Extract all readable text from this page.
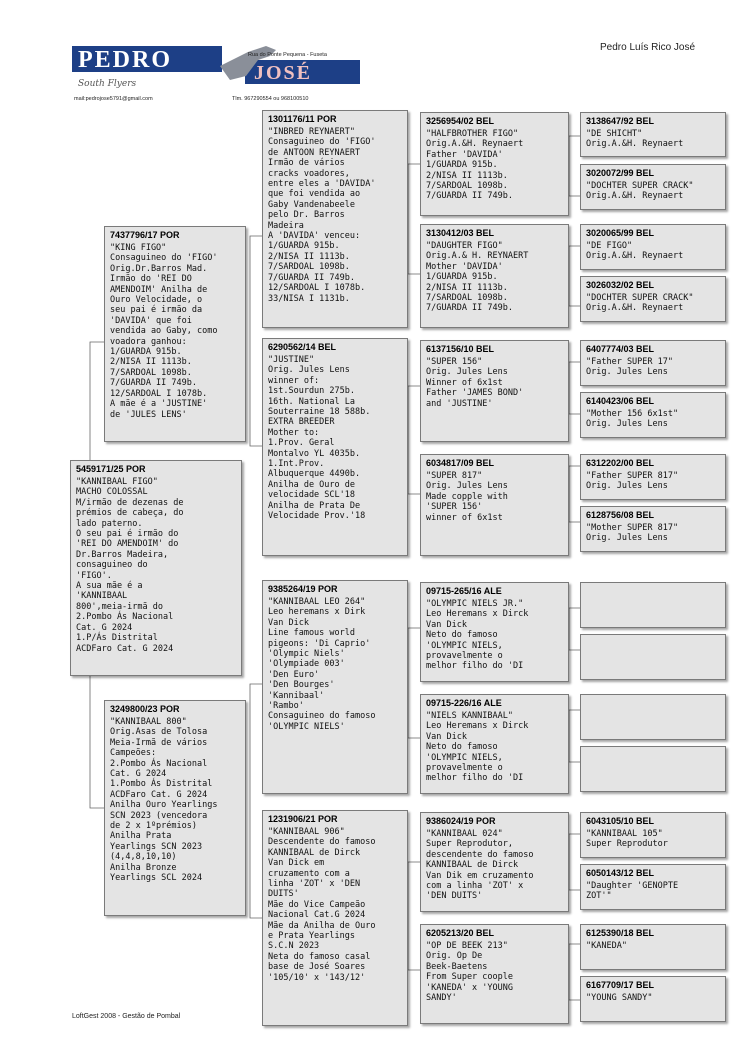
PEDRO	JOSÉ
Rua do Ponte Pequena - Fuseta
South Flyers
mail:pedrojose5791@gmail.com	Tlm. 967290554 ou 968100510
Pedro Luís Rico José
5459171/25 POR
"KANNIBAAL FIGO"
MACHO COLOSSAL
M/irmão de dezenas de
prémios de cabeça, do
lado paterno.
O seu pai é irmão do
'REI DO AMENDOIM' do
Dr.Barros Madeira,
consaguineo do
'FIGO'.
A sua mãe é a
'KANNIBAAL
800',meia-irmã do
2.Pombo Ás Nacional
Cat. G 2024
1.P/Ás Distrital
ACDFaro Cat. G 2024
7437796/17 POR
"KING FIGO"
Consaguineo do 'FIGO'
Orig.Dr.Barros Mad.
Irmão do 'REI DO
AMENDOIM' Anilha de
Ouro Velocidade, o
seu pai é irmão da
'DAVIDA' que foi
vendida ao Gaby, como
voadora ganhou:
1/GUARDA 915b.
2/NISA II 1113b.
7/SARDOAL 1098b.
7/GUARDA II 749b.
12/SARDOAL I 1078b.
A mãe é a 'JUSTINE'
de 'JULES LENS'
3249800/23 POR
"KANNIBAAL 800"
Orig.Asas de Tolosa
Meia-Irmã de vários
Campeões:
2.Pombo Ás Nacional
Cat. G 2024
1.Pombo Ás Distrital
ACDFaro Cat. G 2024
Anilha Ouro Yearlings
SCN 2023 (vencedora
de 2 x 1ºprémios)
Anilha Prata
Yearlings SCN 2023
(4,4,8,10,10)
Anilha Bronze
Yearlings SCL 2024
1301176/11 POR
"INBRED REYNAERT"
Consaguineo do 'FIGO'
de ANTOON REYNAERT
Irmão de vários
cracks voadores,
entre eles a 'DAVIDA'
que foi vendida ao
Gaby Vandenabeele
pelo Dr. Barros
Madeira
A 'DAVIDA' venceu:
1/GUARDA 915b.
2/NISA II 1113b.
7/SARDOAL 1098b.
7/GUARDA II 749b.
12/SARDOAL I 1078b.
33/NISA I 1131b.
6290562/14 BEL
"JUSTINE"
Orig. Jules Lens
winner of:
1st.Sourdun 275b.
16th. National La
Souterraine 18 588b.
EXTRA BREEDER
Mother to:
1.Prov. Geral
Montalvo YL 4035b.
1.Int.Prov.
Albuquerque 4490b.
Anilha de Ouro de
velocidade SCL'18
Anilha de Prata De
Velocidade Prov.'18
9385264/19 POR
"KANNIBAAL LEO 264"
Leo heremans x Dirk
Van Dick
Line famous world
pigeons: 'Di Caprio'
'Olympic Niels'
'Olympiade 003'
'Den Euro'
'Den Bourges'
'Kannibaal'
'Rambo'
Consaguineo do famoso
'OLYMPIC NIELS'
1231906/21 POR
"KANNIBAAL 906"
Descendente do famoso
KANNIBAAL de Dirck
Van Dick em
cruzamento com a
linha 'ZOT' x 'DEN
DUITS'
Mãe do Vice Campeão
Nacional Cat.G 2024
Mãe da Anilha de Ouro
e Prata Yearlings
S.C.N 2023
Neta do famoso casal
base de José Soares
'105/10' x '143/12'
3256954/02 BEL
"HALFBROTHER FIGO"
Orig.A.&H. Reynaert
Father 'DAVIDA'
1/GUARDA 915b.
2/NISA II 1113b.
7/SARDOAL 1098b.
7/GUARDA II 749b.
3130412/03 BEL
"DAUGHTER FIGO"
Orig.A.& H. REYNAERT
Mother 'DAVIDA'
1/GUARDA 915b.
2/NISA II 1113b.
7/SARDOAL 1098b.
7/GUARDA II 749b.
6137156/10 BEL
"SUPER 156"
Orig. Jules Lens
Winner of 6x1st
Father 'JAMES BOND'
and 'JUSTINE'
6034817/09 BEL
"SUPER 817"
Orig. Jules Lens
Made copple with
'SUPER 156'
winner of 6x1st
09715-265/16 ALE
"OLYMPIC NIELS JR."
Leo Heremans x Dirck
Van Dick
Neto do famoso
'OLYMPIC NIELS,
provavelmente o
melhor filho do 'DI
09715-226/16 ALE
"NIELS KANNIBAAL"
Leo Heremans x Dirck
Van Dick
Neto do famoso
'OLYMPIC NIELS,
provavelmente o
melhor filho do 'DI
9386024/19 POR
"KANNIBAAL 024"
Super Reprodutor,
descendente do famoso
KANNIBAAL de Dirck
Van Dik em cruzamento
com a linha 'ZOT' x
'DEN DUITS'
6205213/20 BEL
"OP DE BEEK 213"
Orig. Op De
Beek-Baetens
From Super coople
'KANEDA' x 'YOUNG
SANDY'
3138647/92 BEL
"DE SHICHT"
Orig.A.&H. Reynaert
3020072/99 BEL
"DOCHTER SUPER CRACK"
Orig.A.&H. Reynaert
3020065/99 BEL
"DE FIGO"
Orig.A.&H. Reynaert
3026032/02 BEL
"DOCHTER SUPER CRACK"
Orig.A.&H. Reynaert
6407774/03 BEL
"Father SUPER 17"
Orig. Jules Lens
6140423/06 BEL
"Mother 156 6x1st"
Orig. Jules Lens
6312202/00 BEL
"Father SUPER 817"
Orig. Jules Lens
6128756/08 BEL
"Mother SUPER 817"
Orig. Jules Lens
6043105/10 BEL
"KANNIBAAL 105"
Super Reprodutor
6050143/12 BEL
"Daughter 'GENOPTE
ZOT'"
6125390/18 BEL
"KANEDA"
6167709/17 BEL
"YOUNG SANDY"
LoftGest 2008 - Gestão de Pombal
